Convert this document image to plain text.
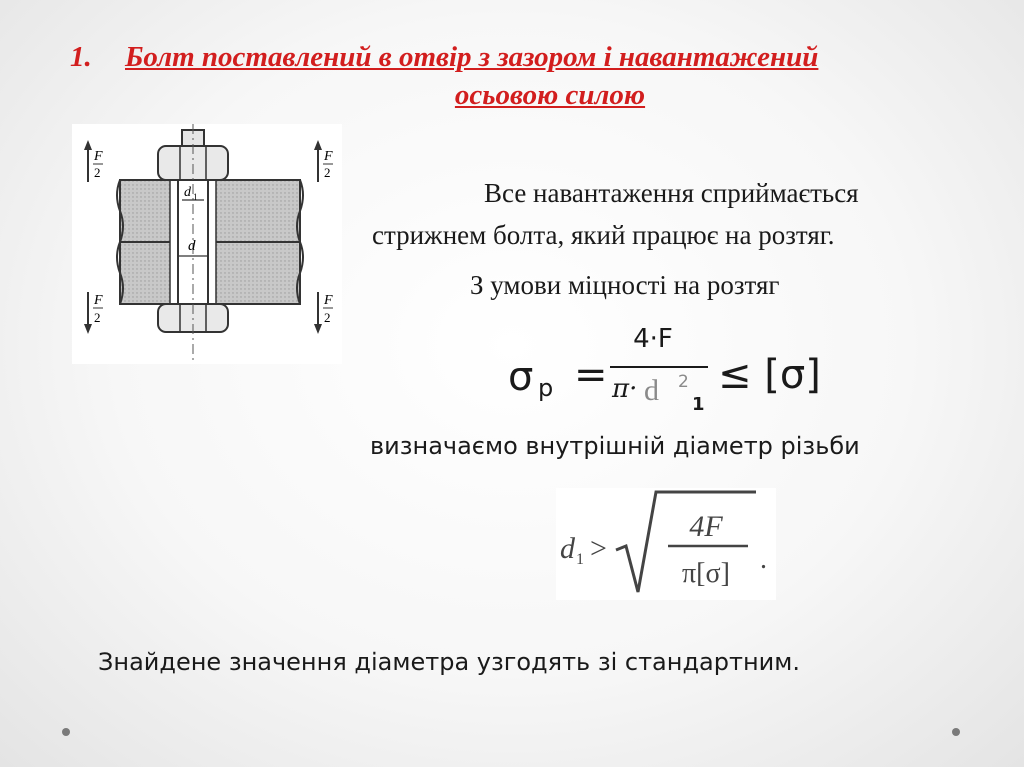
1. Болт поставлений в отвір з зазором і навантажений
осьовою силою
d 1
d
F
2
F
2
F
2
F
2
Все навантаження сприймається
стрижнем болта, який працює на розтяг.
З умови міцності на розтяг
σ р =
4·F
π· d 2
1
≤ [σ]
визначаємо внутрішній діаметр різьби
d 1 >
4F
π[σ] .
Знайдене значення діаметра узгодять зі стандартним.
